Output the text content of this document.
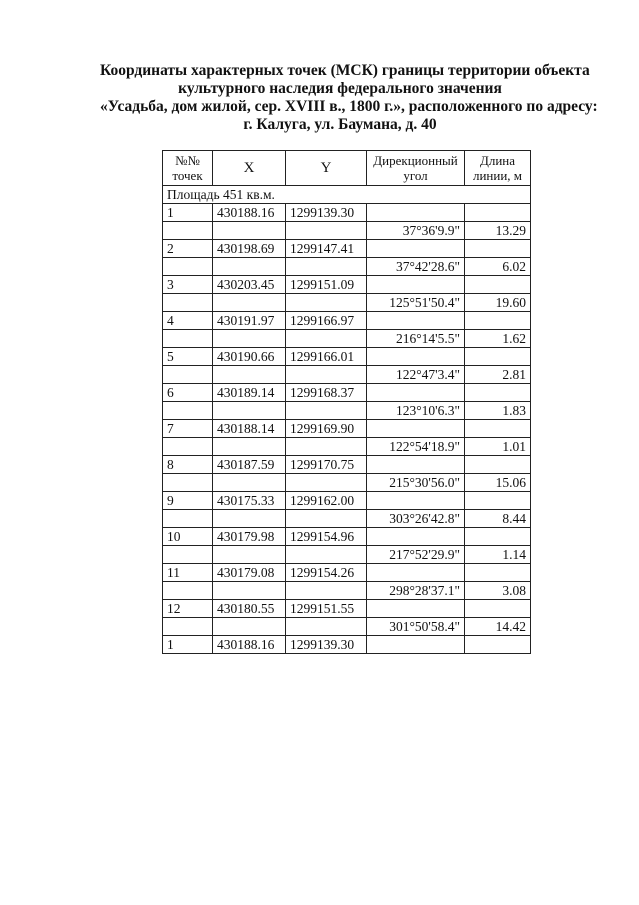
Координаты характерных точек (МСК) границы территории объекта
культурного наследия федерального значения
«Усадьба, дом жилой, сер. XVIII в., 1800 г.», расположенного по адресу:
г. Калуга, ул. Баумана, д. 40
№№ точек	X	Y	Дирекционный угол	Длина линии, м
Площадь 451 кв.м.				
1	430188.16	1299139.30		
			37°36'9.9"	13.29
2	430198.69	1299147.41		
			37°42'28.6"	6.02
3	430203.45	1299151.09		
			125°51'50.4"	19.60
4	430191.97	1299166.97		
			216°14'5.5"	1.62
5	430190.66	1299166.01		
			122°47'3.4"	2.81
6	430189.14	1299168.37		
			123°10'6.3"	1.83
7	430188.14	1299169.90		
			122°54'18.9"	1.01
8	430187.59	1299170.75		
			215°30'56.0"	15.06
9	430175.33	1299162.00		
			303°26'42.8"	8.44
10	430179.98	1299154.96		
			217°52'29.9"	1.14
11	430179.08	1299154.26		
			298°28'37.1"	3.08
12	430180.55	1299151.55		
			301°50'58.4"	14.42
1	430188.16	1299139.30		
